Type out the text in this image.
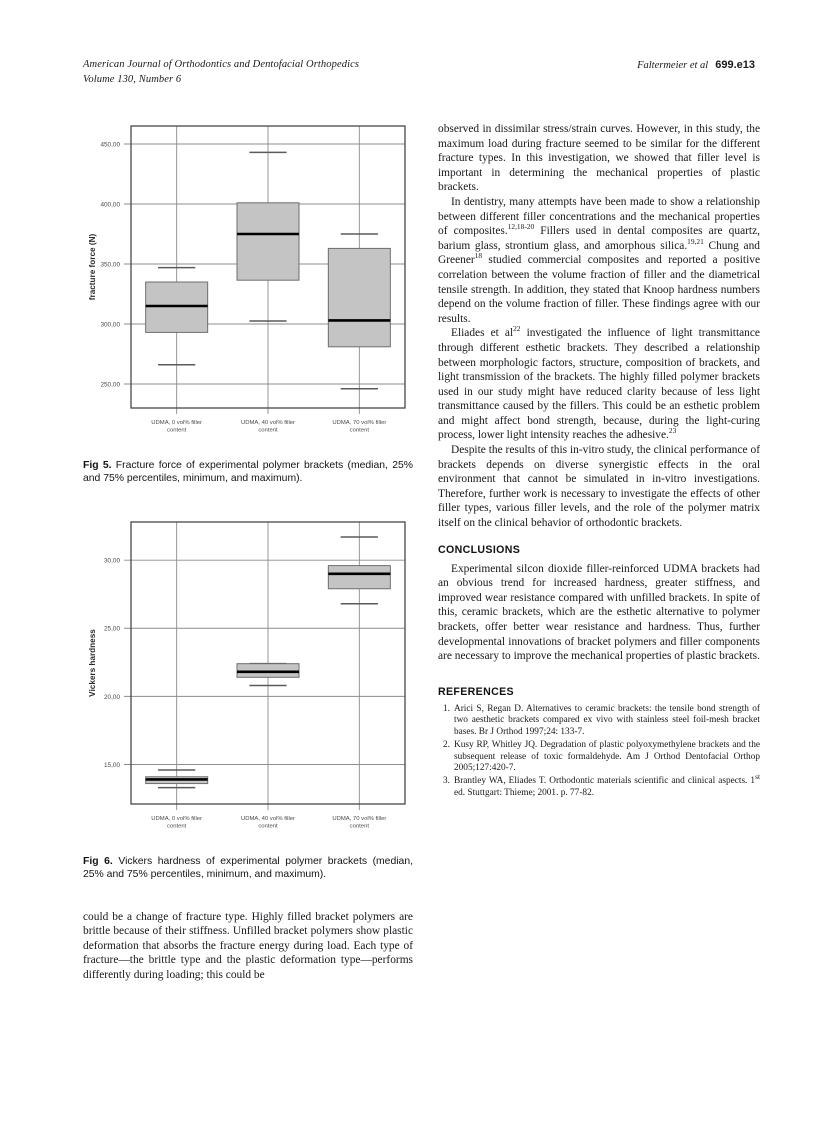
American Journal of Orthodontics and Dentofacial Orthopedics
Volume 130, Number 6
Faltermeier et al 699.e13
250,00
300,00
350,00
400,00
450,00
UDMA, 0 vol% filler
content
UDMA, 40 vol% filler
content
UDMA, 70 vol% filler
content
fracture force (N)
Fig 5. Fracture force of experimental polymer brackets (median, 25% and 75% percentiles, minimum, and maximum).
15,00
20,00
25,00
30,00
UDMA, 0 vol% filler
content
UDMA, 40 vol% filler
content
UDMA, 70 vol% filler
content
Vickers hardness
Fig 6. Vickers hardness of experimental polymer brackets (median, 25% and 75% percentiles, minimum, and maximum).

could be a change of fracture type. Highly filled bracket polymers are brittle because of their stiffness. Unfilled bracket polymers show plastic deformation that absorbs the fracture energy during load. Each type of fracture—the brittle type and the plastic deformation type—performs differently during loading; this could be

observed in dissimilar stress/strain curves. However, in this study, the maximum load during fracture seemed to be similar for the different fracture types. In this investigation, we showed that filler level is important in determining the mechanical properties of plastic brackets.

In dentistry, many attempts have been made to show a relationship between different filler concentrations and the mechanical properties of composites.$^{12,18-20}$ Fillers used in dental composites are quartz, barium glass, strontium glass, and amorphous silica.$^{19,21}$ Chung and Greener$^{18}$ studied commercial composites and reported a positive correlation between the volume fraction of filler and the diametrical tensile strength. In addition, they stated that Knoop hardness numbers depend on the volume fraction of filler. These findings agree with our results.

Eliades et $al^{22}$ investigated the influence of light transmittance through different esthetic brackets. They described a relationship between morphologic factors, structure, composition of brackets, and light transmission of the brackets. The highly filled polymer brackets used in our study might have reduced clarity because of less light transmittance caused by the fillers. This could be an esthetic problem and might affect bond strength, because, during the light-curing process, lower light intensity reaches the adhesive.$^{23}$

Despite the results of this in-vitro study, the clinical performance of brackets depends on diverse synergistic effects in the oral environment that cannot be simulated in in-vitro investigations. Therefore, further work is necessary to investigate the effects of other filler types, various filler levels, and the role of the polymer matrix itself on the clinical behavior of orthodontic brackets.

CONCLUSIONS

Experimental silcon dioxide filler-reinforced UDMA brackets had an obvious trend for increased hardness, greater stiffness, and improved wear resistance compared with unfilled brackets. In spite of this, ceramic brackets, which are the esthetic alternative to polymer brackets, offer better wear resistance and hardness. Thus, further developmental innovations of bracket polymers and filler components are necessary to improve the mechanical properties of plastic brackets.

REFERENCES
Arici S, Regan D. Alternatives to ceramic brackets: the tensile bond strength of two aesthetic brackets compared ex vivo with stainless steel foil-mesh bracket bases. Br J Orthod 1997;24: 133-7.
Kusy RP, Whitley JQ. Degradation of plastic polyoxymethylene brackets and the subsequent release of toxic formaldehyde. Am J Orthod Dentofacial Orthop 2005;127:420-7.
Brantley WA, Eliades T. Orthodontic materials scientific and clinical aspects. 1st ed. Stuttgart: Thieme; 2001. p. 77-82.
